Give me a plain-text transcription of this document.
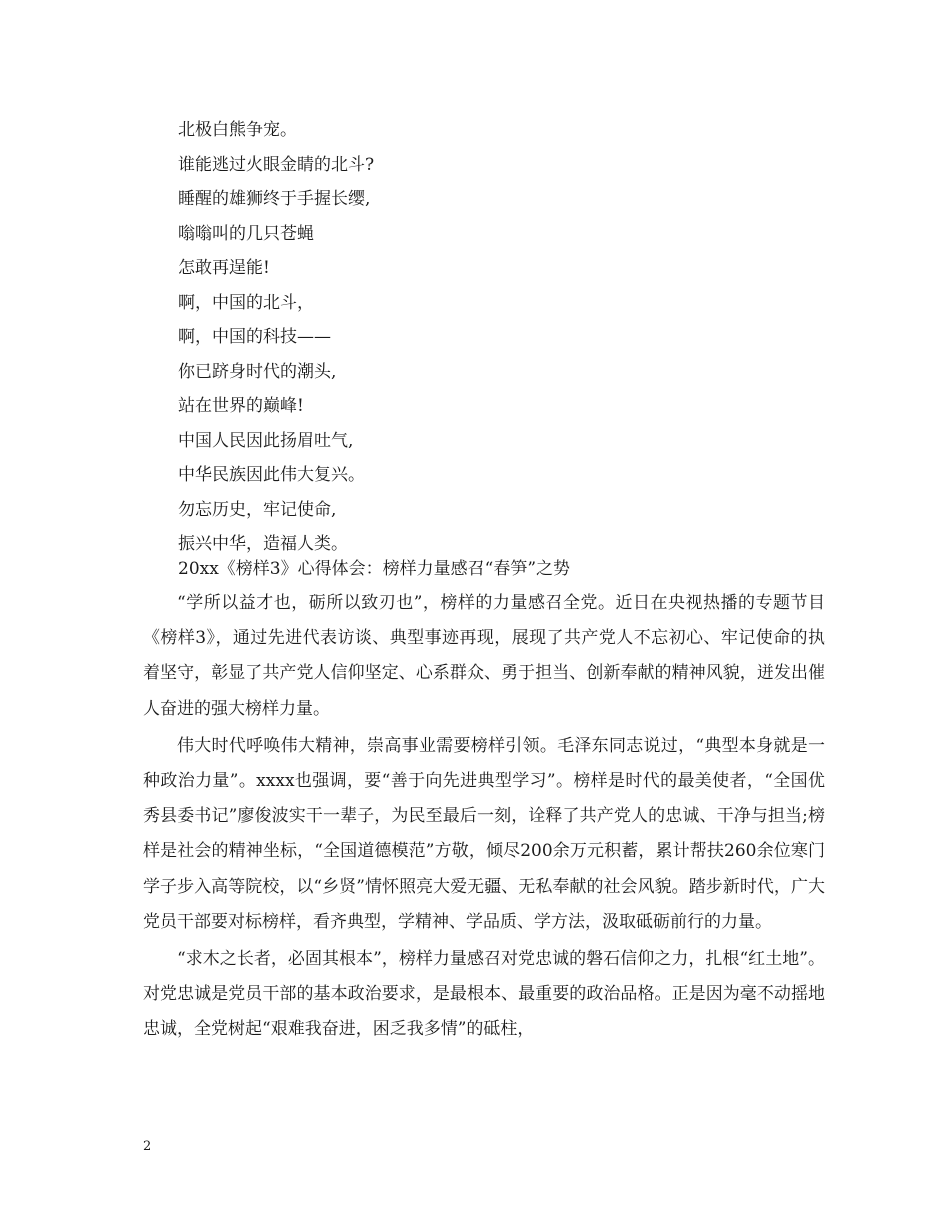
北极白熊争宠。
谁能逃过火眼金睛的北斗?
睡醒的雄狮终于手握长缨,
嗡嗡叫的几只苍蝇
怎敢再逞能!
啊，中国的北斗，
啊，中国的科技——
你已跻身时代的潮头,
站在世界的巅峰!
中国人民因此扬眉吐气,
中华民族因此伟大复兴。
勿忘历史，牢记使命,
振兴中华，造福人类。
20xx《榜样3》心得体会：榜样力量感召“春笋”之势

“学所以益才也，砺所以致刃也”，榜样的力量感召全党。近日在央视热播的专题节目《榜样3》，通过先进代表访谈、典型事迹再现，展现了共产党人不忘初心、牢记使命的执着坚守，彰显了共产党人信仰坚定、心系群众、勇于担当、创新奉献的精神风貌，迸发出催人奋进的强大榜样力量。

伟大时代呼唤伟大精神，崇高事业需要榜样引领。毛泽东同志说过，“典型本身就是一种政治力量”。xxxx也强调，要“善于向先进典型学习”。榜样是时代的最美使者，“全国优秀县委书记”廖俊波实干一辈子，为民至最后一刻，诠释了共产党人的忠诚、干净与担当;榜样是社会的精神坐标，“全国道德模范”方敬，倾尽200余万元积蓄，累计帮扶260余位寒门学子步入高等院校，以“乡贤”情怀照亮大爱无疆、无私奉献的社会风貌。踏步新时代，广大党员干部要对标榜样，看齐典型，学精神、学品质、学方法，汲取砥砺前行的力量。

“求木之长者，必固其根本”，榜样力量感召对党忠诚的磐石信仰之力，扎根“红土地”。对党忠诚是党员干部的基本政治要求，是最根本、最重要的政治品格。正是因为毫不动摇地忠诚，全党树起“艰难我奋进，困乏我多情”的砥柱，

2
